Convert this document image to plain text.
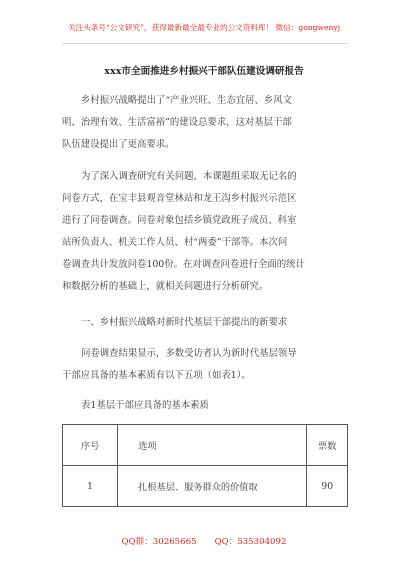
关注头条号“公文研究”，获得最新最全最专业的公文资料库！ 微信：gongwenyj
xxx市全面推进乡村振兴干部队伍建设调研报告
乡村振兴战略提出了“产业兴旺、生态宜居、乡风文
明、治理有效、生活富裕”的建设总要求，这对基层干部
队伍建设提出了更高要求。
为了深入调查研究有关问题，本课题组采取无记名的
问卷方式，在宝丰县观音堂林站和龙王沟乡村振兴示范区
进行了问卷调查。问卷对象包括乡镇党政班子成员、科室
站所负责人、机关工作人员、村“两委”干部等。本次问
卷调查共计发放问卷100份。在对调查问卷进行全面的统计
和数据分析的基础上，就相关问题进行分析研究。
一、乡村振兴战略对新时代基层干部提出的新要求
问卷调查结果显示，多数受访者认为新时代基层领导
干部应具备的基本素质有以下五项（如表1）。
表1基层干部应具备的基本素质
序号	选项	票数
1	扎根基层、服务群众的价值取	90
QQ群：30265665 QQ：535304092
